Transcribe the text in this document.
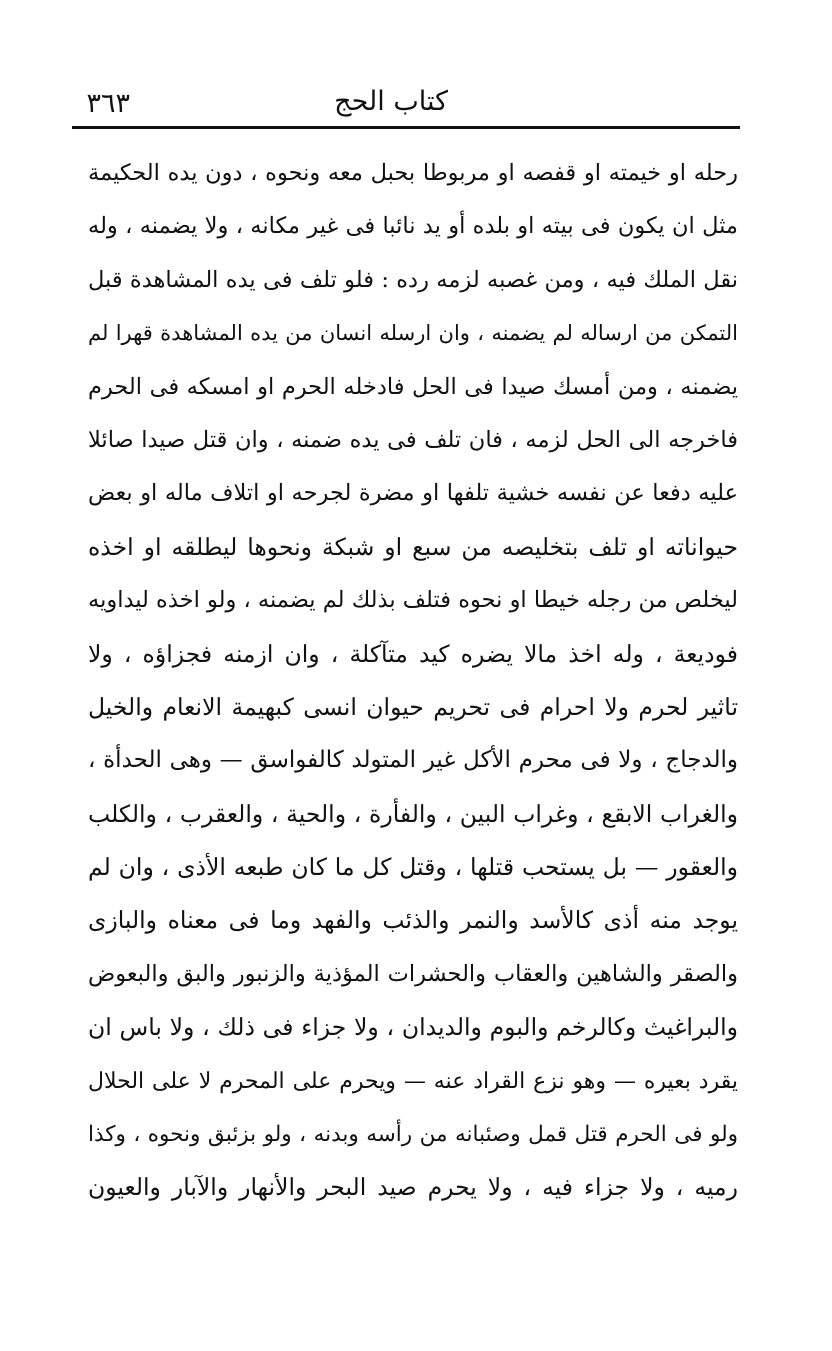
كتاب الحج
٣٦٣
رحله او خيمته او قفصه او مربوطا بحبل معه ونحوه ، دون يده الحكيمة
مثل ان يكون فى بيته او بلده أو يد نائبا فى غير مكانه ، ولا يضمنه ، وله
نقل الملك فيه ، ومن غصبه لزمه رده : فلو تلف فى يده المشاهدة قبل
التمكن من ارساله لم يضمنه ، وان ارسله انسان من يده المشاهدة قهرا لم
يضمنه ، ومن أمسك صيدا فى الحل فادخله الحرم او امسكه فى الحرم
فاخرجه الى الحل لزمه ، فان تلف فى يده ضمنه ، وان قتل صيدا صائلا
عليه دفعا عن نفسه خشية تلفها او مضرة لجرحه او اتلاف ماله او بعض
حيواناته او تلف بتخليصه من سبع او شبكة ونحوها ليطلقه او اخذه
ليخلص من رجله خيطا او نحوه فتلف بذلك لم يضمنه ، ولو اخذه ليداويه
فوديعة ، وله اخذ مالا يضره كيد متآكلة ، وان ازمنه فجزاؤه ، ولا
تاثير لحرم ولا احرام فى تحريم حيوان انسى كبهيمة الانعام والخيل
والدجاج ، ولا فى محرم الأكل غير المتولد كالفواسق — وهى الحدأة ،
والغراب الابقع ، وغراب البين ، والفأرة ، والحية ، والعقرب ، والكلب
والعقور — بل يستحب قتلها ، وقتل كل ما كان طبعه الأذى ، وان لم
يوجد منه أذى كالأسد والنمر والذئب والفهد وما فى معناه والبازى
والصقر والشاهين والعقاب والحشرات المؤذية والزنبور والبق والبعوض
والبراغيث وكالرخم والبوم والديدان ، ولا جزاء فى ذلك ، ولا باس ان
يقرد بعيره — وهو نزع القراد عنه — ويحرم على المحرم لا على الحلال
ولو فى الحرم قتل قمل وصئبانه من رأسه وبدنه ، ولو بزئبق ونحوه ، وكذا
رميه ، ولا جزاء فيه ، ولا يحرم صيد البحر والأنهار والآبار والعيون
